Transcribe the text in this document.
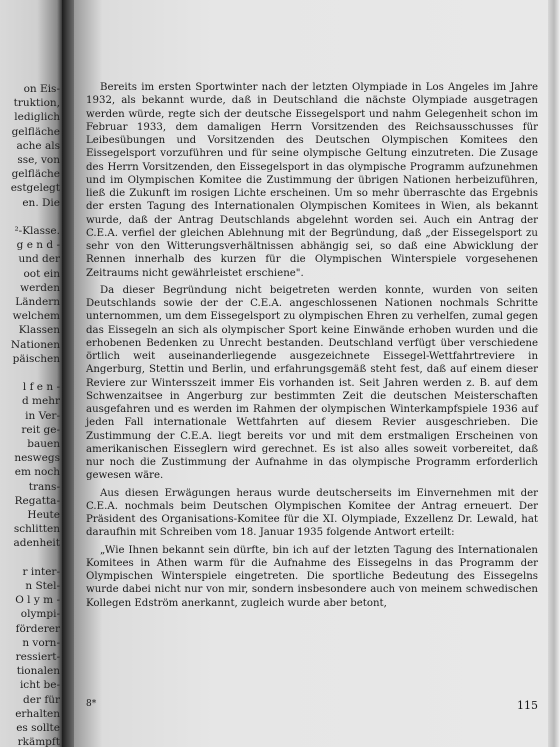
on Eis-
truktion,
lediglich
gelfläche
ache als
sse, von
gelfläche
estgelegt
en. Die
²-Klasse.
g e n d -
und der
oot ein
werden
Ländern
welchem
Klassen
Nationen
päischen
l f e n -
d mehr
in Ver-
reit ge-
bauen
neswegs
em noch
trans-
Regatta-
Heute
schlitten
adenheit
r inter-
n Stel-
O l y m -
olympi-
förderer
n vorn-
ressiert-
tionalen
icht be-
der für
erhalten
es sollte
rkämpft

Bereits im ersten Sportwinter nach der letzten Olympiade in Los Angeles im Jahre 1932, als bekannt wurde, daß in Deutschland die nächste Olympiade ausgetragen werden würde, regte sich der deutsche Eissegelsport und nahm Gelegenheit schon im Februar 1933, dem damaligen Herrn Vorsitzenden des Reichsausschusses für Leibesübungen und Vorsitzenden des Deutschen Olympischen Komitees den Eissegelsport vorzuführen und für seine olympische Geltung einzutreten. Die Zusage des Herrn Vorsitzenden, den Eissegelsport in das olympische Programm aufzunehmen und im Olympischen Komitee die Zustimmung der übrigen Nationen herbeizuführen, ließ die Zukunft im rosigen Lichte erscheinen. Um so mehr überraschte das Ergebnis der ersten Tagung des Internationalen Olympischen Komitees in Wien, als bekannt wurde, daß der Antrag Deutschlands abgelehnt worden sei. Auch ein Antrag der C.E.A. verfiel der gleichen Ablehnung mit der Begründung, daß „der Eissegelsport zu sehr von den Witterungsverhältnissen abhängig sei, so daß eine Abwicklung der Rennen innerhalb des kurzen für die Olympischen Winterspiele vorgesehenen Zeitraums nicht gewährleistet erschiene".

Da dieser Begründung nicht beigetreten werden konnte, wurden von seiten Deutschlands sowie der der C.E.A. angeschlossenen Nationen nochmals Schritte unternommen, um dem Eissegelsport zu olympischen Ehren zu verhelfen, zumal gegen das Eissegeln an sich als olympischer Sport keine Einwände erhoben wurden und die erhobenen Bedenken zu Unrecht bestanden. Deutschland verfügt über verschiedene örtlich weit auseinanderliegende ausgezeichnete Eissegel-Wettfahrtreviere in Angerburg, Stettin und Berlin, und erfahrungsgemäß steht fest, daß auf einem dieser Reviere zur Wintersszeit immer Eis vorhanden ist. Seit Jahren werden z. B. auf dem Schwenzaitsee in Angerburg zur bestimmten Zeit die deutschen Meisterschaften ausgefahren und es werden im Rahmen der olympischen Winterkampfspiele 1936 auf jeden Fall internationale Wettfahrten auf diesem Revier ausgeschrieben. Die Zustimmung der C.E.A. liegt bereits vor und mit dem erstmaligen Erscheinen von amerikanischen Eisseglern wird gerechnet. Es ist also alles soweit vorbereitet, daß nur noch die Zustimmung der Aufnahme in das olympische Programm erforderlich gewesen wäre.

Aus diesen Erwägungen heraus wurde deutscherseits im Einvernehmen mit der C.E.A. nochmals beim Deutschen Olympischen Komitee der Antrag erneuert. Der Präsident des Organisations-Komitee für die XI. Olympiade, Exzellenz Dr. Lewald, hat daraufhin mit Schreiben vom 18. Januar 1935 folgende Antwort erteilt:

„Wie Ihnen bekannt sein dürfte, bin ich auf der letzten Tagung des Internationalen Komitees in Athen warm für die Aufnahme des Eissegelns in das Programm der Olympischen Winterspiele eingetreten. Die sportliche Bedeutung des Eissegelns wurde dabei nicht nur von mir, sondern insbesondere auch von meinem schwedischen Kollegen Edström anerkannt, zugleich wurde aber betont,

8*	115
